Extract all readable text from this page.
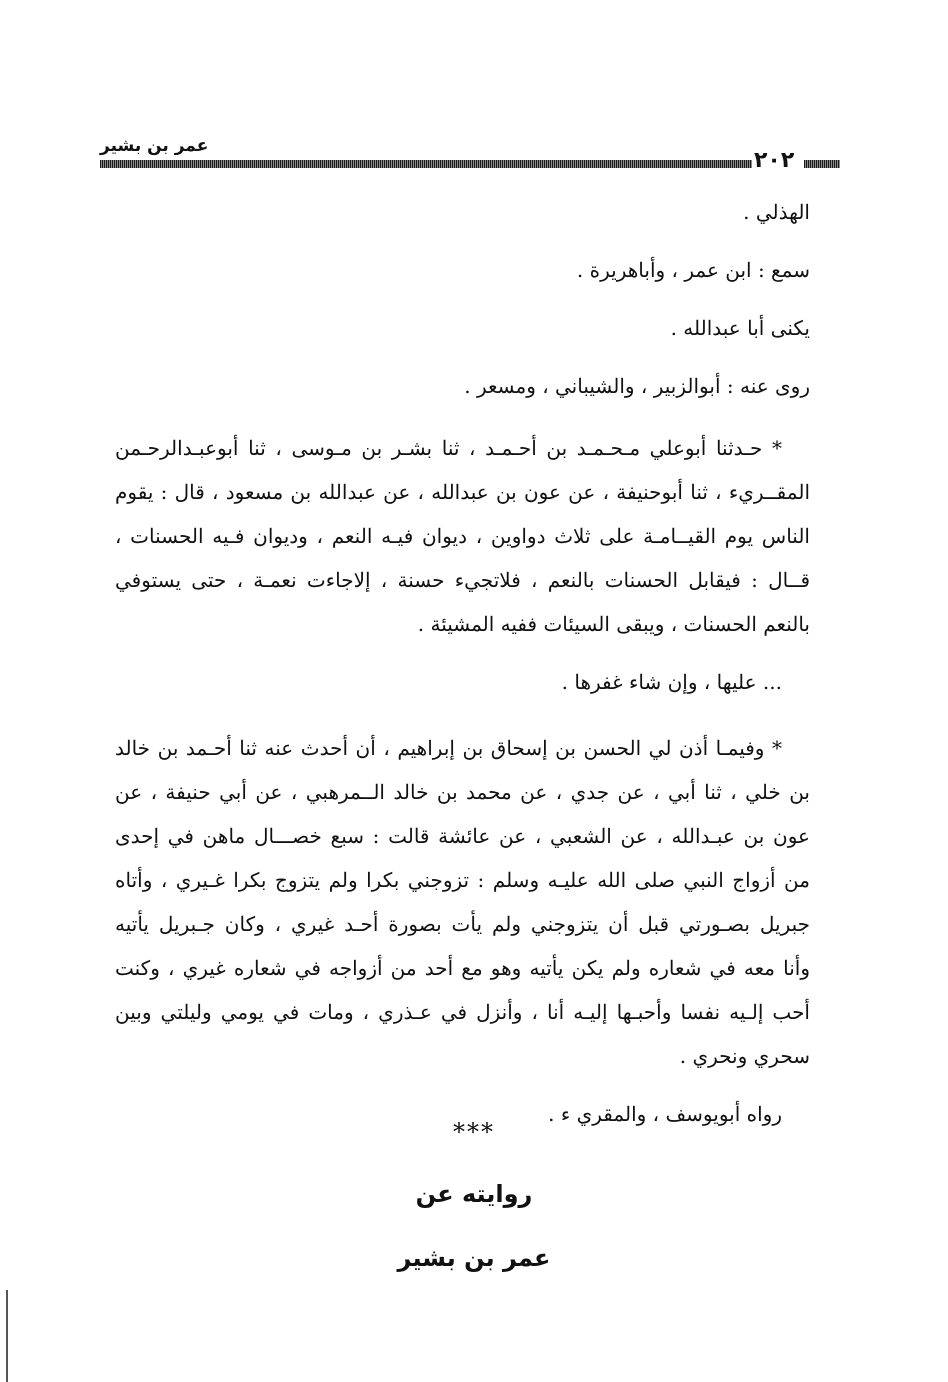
عمر بن بشير
٢٠٢
الهذلي .
سمع : ابن عمر ، وأباهريرة .
يكنى أبا عبدالله .
روى عنه : أبوالزبير ، والشيباني ، ومسعر .
* حـدثنا أبوعلي مـحـمـد بن أحـمـد ، ثنا بشـر بن مـوسى ، ثنا أبوعبـدالرحـمن
المقــريء ، ثنا أبوحنيفة ، عن عون بن عبدالله ، عن عبدالله بن مسعود ، قال : يقوم
الناس يوم القيــامـة على ثلاث دواوين ، ديوان فيـه النعم ، وديوان فـيه الحسنات ،
قــال : فيقابل الحسنات بالنعم ، فلاتجيء حسنة ، إلاجاءت نعمـة ، حتى يستوفي
بالنعم الحسنات ، ويبقى السيئات ففيه المشيئة .
... عليها ، وإن شاء غفرها .
* وفيمـا أذن لي الحسن بن إسحاق بن إبراهيم ، أن أحدث عنه ثنا أحـمد بن خالد
بن خلي ، ثنا أبي ، عن جدي ، عن محمد بن خالد الــمرهبي ، عن أبي حنيفة ، عن
عون بن عبـدالله ، عن الشعبي ، عن عائشة قالت : سبع خصـــال ماهن في إحدى
من أزواج النبي صلى الله عليـه وسلم : تزوجني بكرا ولم يتزوج بكرا غـيري ، وأتاه
جبريل بصـورتي قبل أن يتزوجني ولم يأت بصورة أحـد غيري ، وكان جـبريل يأتيه
وأنا معه في شعاره ولم يكن يأتيه وهو مع أحد من أزواجه في شعاره غيري ، وكنت
أحب إلـيه نفسا وأحبـها إليـه أنا ، وأنزل في عـذري ، ومات في يومي وليلتي وبين
سحري ونحري .
رواه أبويوسف ، والمقري ء .
***
روايته عن
عمر بن بشير
